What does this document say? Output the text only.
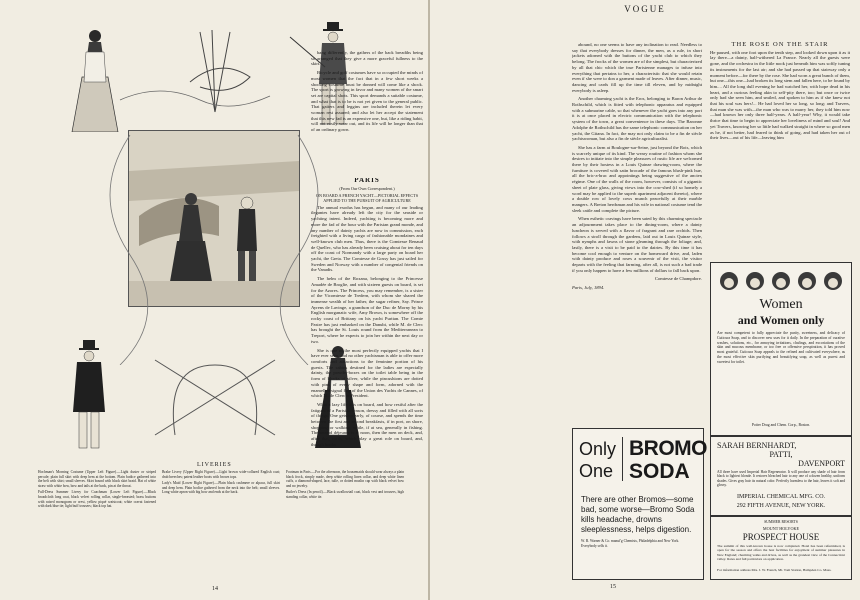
LIVERIES

Hochman's Morning Costume (Upper Left Figure).—Light duster or striped percale; plain full skirt with deep hem at the bottom. Plain bodice gathered into the belt with shirt; small sleeves. Skirt bound with black skirt braid. Hat of white straw with white bow, bow and tails at the back, pin at the throat.

Full-Dress Summer Livery for Coachman (Lower Left Figure).—Black broadcloth long coat, black velvet rolling collar, single-breasted; brass buttons with raised monogram or crest, yellow piqué waistcoat; white cravat fastened with dark blue tie; light buff trousers; black top hat.

Brake Livery (Upper Right Figure).—Light brown wide-collared English coat; drab breeches; patent leather boots with brown tops.

Lady's Maid (Lower Right Figure).—Plain black cashmere or alpaca, full skirt and deep hem. Plain bodice gathered from the neck into the belt; small sleeves. Long white apron with big bow and ends at the back.

Footman in Paris.—For the afternoon, the housemaids should wear always a plain black frock, simply made, deep white rolling linen collar, and deep white linen cuffs, a diamond-shaped, lace, tulle, or dotted muslin cap with black velvet bow and no jewelry.

Butler's Dress (In pencil).—Black swallowtail coat, black vest and trousers, high standing collar, white tie.

14

bang differently, the gathers of the back breadths being so arranged that they give a more graceful fullness to the skirt.

Bicycle and golf costumes have so occupied the minds of most women that the fact that in a few short weeks a shooting costume must be donned will come like a shock. The sport is growing in favor and many women of the smart set are capital shots. This sport demands a suitable costume, and what that is to be is not yet given to the general public. That gaiters and leggins are included therein let every woman rest assured; and also let her accept the statement that this new fad is an expensive one, but, like a riding habit, will not easily wear out, and its life will be longer than that of an ordinary gown.

PARIS
(From Our Own Correspondent.)
ON BOARD A FRENCH YACHT—PICTORIAL EFFECTS APPLIED TO THE PURSUIT OF AGRICULTURE

The annual exodus has begun, and many of our leading ilegantes have already left the city for the seaside or yachting intent. Indeed, yachting is becoming more and more the fad of the hour with the Parisian grand monde, and any number of dainty yachts are now in commission, each freighted with a living cargo of fashionable mondaines and well-known club men. Thus, there is the Comtesse Renaud de Quellec, who has already been cruising about for ten days off the coast of Normandy with a large party on board her yacht, the Greta. The Comtesse de Gossy has just sailed for Sweden and Norway with a number of congenial friends on the Vanadis.

The helm of the Roxana, belonging to the Princesse Amadée de Broglie, and with sixteen guests on board, is set for the Azores. The Princess, you may remember, is a sister of the Vicomtesse de Tredern, with whom she shared the immense wealth of her father, the sugar refiner, Say. Prince Ayrens de Lavinge, a grandson of the Duc de Morny by his English morganatic wife, Amy Brown, is somewhere off the rocky coast of Brittany on his yacht Puritan. The Comte Pastre has just embarked on the Danubi, while M. de Clerc has brought the St. Louis round from the Mediterranean to Treport, where he expects to join her within the next day or two.

She is one of the most perfectly equipped yachts that I have ever seen, and no other yachtsman is able to offer more comforts and attractions to the feminine portion of his guests. The cabins destined for the ladies are especially dainty, the powder-boxes on the toilet table being in the form of blocks of silver, while the pincushions are dotted with pins of every shape and form, adorned with the enamelled signal flag of the Union des Yachts de Cannes, of which M. de Clerc is President.

What a lazy life it is on board, and how restful after the fatigues of a Parisian season, dressy and filled with all sorts of things. One gets up early, of course, and spends the time between the first and second breakfasts, if in port, on shore, shopping or walking; while, if at sea, generally in fishing. The second déjeuner is at noon, then the men on deck, and, after that, cards, which play a great role on board, and, though books

VOGUE

abound, no one seems to have any inclination to read. Needless to say that everybody dresses for dinner, the men, as a rule, in short jackets adorned with the buttons of the yacht club to which they belong. The frocks of the women are of the simplest, but characterized by all that chic which the true Parisienne manages to infuse into everything that pertains to her, a characteristic that she would retain even if she were to don a garment made of leaves. After dinner, music, dancing and cards fill up the time till eleven, and by midnight everybody is asleep.

Another charming yacht is the Eros, belonging to Baron Arthur de Rothschild, which is fitted with telephonic apparatus and equipped with a submarine cable, so that whenever the yacht goes into any port it is at once placed in electric communication with the telephonic system of the town, a great convenience in these days. The Baronne Adolphe de Rothschild has the same telephonic communication on her yacht, the Gitana. In fact, the may not only claim to be a fin de siècle yachtswoman, but also a fin de siècle agriculturalist.

She has a farm at Boulogne-sur-Seine, just beyond the Bois, which is scarcely unique of its kind. The weary routine of fashion whom she desires to initiate into the simple pleasures of rustic life are welcomed there by their hostess in a Louis Quinze drawing-room, where the furniture is covered with satin brocade of the famous blush-pink hue, all the bric-a-brac and appointings being suggestive of the ancien régime. One of the walls of the room, however, consists of a gigantic sheet of plate glass, giving views into the cow-shed (if so homely a word may be applied to the superb apartment adjacent thereto), where a double row of lovely cows munch peacefully at their marble mangers. A Breton herdsman and his wife in national costume tend the sleek cattle and complete the picture.

When esthetic cravings have been sated by this charming spectacle an adjournment takes place to the dining-room, where a dainty luncheon is served with a flavor of fragrant and rare orchids. Then follows a stroll through the gardens, laid out in Louis Quinze style, with nymphs and fawns of stone gleaming through the foliage; and, lastly, there is a visit to be paid to the dairies. By this time it has become cool enough to venture on the homeward drive, and, laden with dainty produce and roses a souvenir of the visit, the visitor departs with the feeling that farming, after all, is not such a bad trade if you only happen to have a few millions of dollars to fall back upon.

Comtesse de Champdore.

Paris, July, 1894.

Only
One
BROMO
SODA
There are other Bromos—some bad, some worse—Bromo Soda kills headache, drowns sleeplessness, helps digestion.
W. R. Warner & Co. manuf'g Chemists, Philadelphia and New York. Everybody sells it.
15
THE ROSE ON THE STAIR

He paused, with one foot upon the tenth step, and looked down upon it as it lay there—a dainty, half-withered La France. Nearly all the guests were gone, and the orchestra in the little nook just beneath him was softly tuning its instruments for the last air; and she had passed up that stairway only a moment before—for there by the rose. She had worn a great bunch of them, but one—this one—had broken its long stem and fallen here, to be found by him.... All the long dull evening he had watched her, with hope dead in his heart, and a curious feeling akin to self-pity there, too; but once or twice only had she seen him, and smiled, and spoken to him as if she knew not that his soul was hers!... He had loved her so long, so long; and Travers, that man she was with—the man who was to marry her, they told him now—had known her only three half-years. A half-year! Why, it would take thrice that time to begin to appreciate her loveliness of mind and soul! And yet Travers, knowing her so little had walked straight in where so good men as he, if not better, had feared to think of going, and had taken her out of their lives—out of his life—leaving him

Women
and Women only
Are most competent to fully appreciate the purity, sweetness, and delicacy of Cuticura Soap, and to discover new uses for it daily. In the preparation of curative washes, solutions, etc., for annoying irritations, chafings, and excoriations of the skin and mucous membrane, or too free or offensive perspiration, it has proved most grateful. Cuticura Soap appeals to the refined and cultivated everywhere, as the most effective skin purifying and beautifying soap, as well as purest and sweetest for toilet.
Potter Drug and Chem. Corp., Boston.
SARAH BERNHARDT,
PATTI,
DAVENPORT
All three have used Imperial Hair Regenerator. It will produce any shade of hair from black to lightest blonde. It restores bleached hair to any one of a dozen healthy, uniform shades. Gives gray hair its natural color. Perfectly harmless to the hair, leaves it soft and glossy.
IMPERIAL CHEMICAL MFG. CO.
292 FIFTH AVENUE, NEW YORK.
SUMMER RESORTS
MOUNT HOLYOKE
PROSPECT HOUSE
The summit of this well-known house is now completed. Hotel has been refurnished, is open for the season and offers the best facilities for enjoyment of summer pleasures in New England; charming walks and drives, as well as the grandest view of the Connecticut valley. Rates and full particulars on application.
For information address Mrs. J. W. French, Mt. Tom Station, Hampden Co. Mass.
